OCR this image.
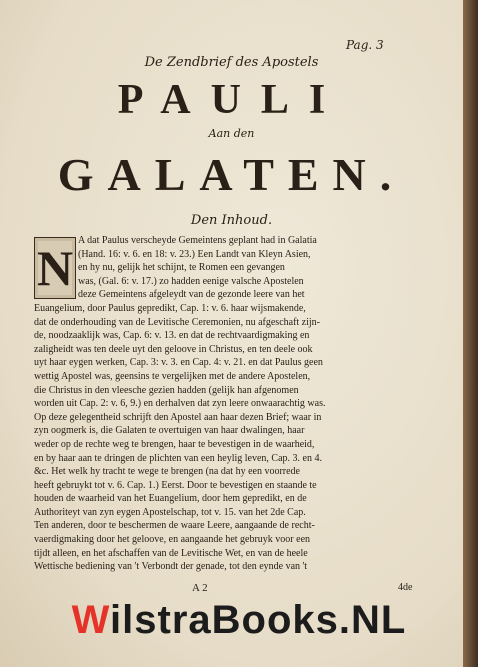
Pag. 3
De Zendbrief des Apostels
PAULI
Aan den
GALATEN.
Den Inhoud.
A dat Paulus verscheyde Gemeintens geplant had in Galatia
(Hand. 16: v. 6. en 18: v. 23.) Een Landt van Kleyn Asien,
en hy nu, gelijk het schijnt, te Romen een gevangen
was, (Gal. 6: v. 17.) zo hadden eenige valsche Apostelen
deze Gemeintens afgeleydt van de gezonde leere van het
Euangelium, door Paulus gepredikt, Cap. 1: v. 6. haar wijsmakende,
dat de onderhouding van de Levitische Ceremonien, nu afgeschaft zijn-
de, noodzaaklijk was, Cap. 6: v. 13. en dat de rechtvaardigmaking en
zaligheidt was ten deele uyt den geloove in Christus, en ten deele ook
uyt haar eygen werken, Cap. 3: v. 3. en Cap. 4: v. 21. en dat Paulus geen
wettig Apostel was, geensins te vergelijken met de andere Apostelen,
die Christus in den vleesche gezien hadden (gelijk han afgenomen
worden uit Cap. 2: v. 6, 9.) en derhalven dat zyn leere onwaarachtig was.
Op deze gelegentheid schrijft den Apostel aan haar dezen Brief; waar in
zyn oogmerk is, die Galaten te overtuigen van haar dwalingen, haar
weder op de rechte weg te brengen, haar te bevestigen in de waarheid,
en by haar aan te dringen de plichten van een heylig leven, Cap. 3. en 4.
&c. Het welk hy tracht te wege te brengen (na dat hy een voorrede
heeft gebruykt tot v. 6. Cap. 1.) Eerst. Door te bevestigen en staande te
houden de waarheid van het Euangelium, door hem gepredikt, en de
Authoriteyt van zyn eygen Apostelschap, tot v. 15. van het 2de Cap.
Ten anderen, door te beschermen de waare Leere, aangaande de recht-
vaerdigmaking door het geloove, en aangaande het gebruyk voor een
tijdt alleen, en het afschaffen van de Levitische Wet, en van de heele
Wettische bediening van 't Verbondt der genade, tot den eynde van 't
N
A 2	4de
WilstraBooks.NL
